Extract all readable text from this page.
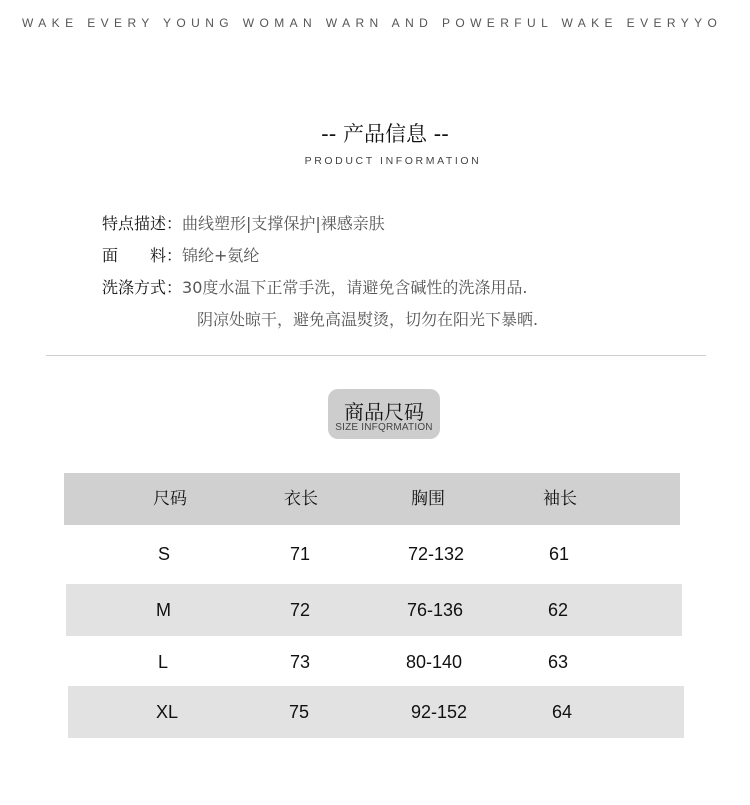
WAKE EVERY YOUNG WOMAN WARN AND POWERFUL WAKE EVERYYO
-- 产品信息 --
PRODUCT INFORMATION
特点描述：曲线塑形|支撑保护|裸感亲肤
面　　料：锦纶+氨纶
洗涤方式：30度水温下正常手洗，请避免含碱性的洗涤用品.
阴凉处晾干，避免高温熨烫，切勿在阳光下暴晒.
商品尺码
SIZE INFQRMATION
尺码	衣长	胸围	袖长
S	71	72-132	61
M	72	76-136	62
L	73	80-140	63
XL	75	92-152	64
